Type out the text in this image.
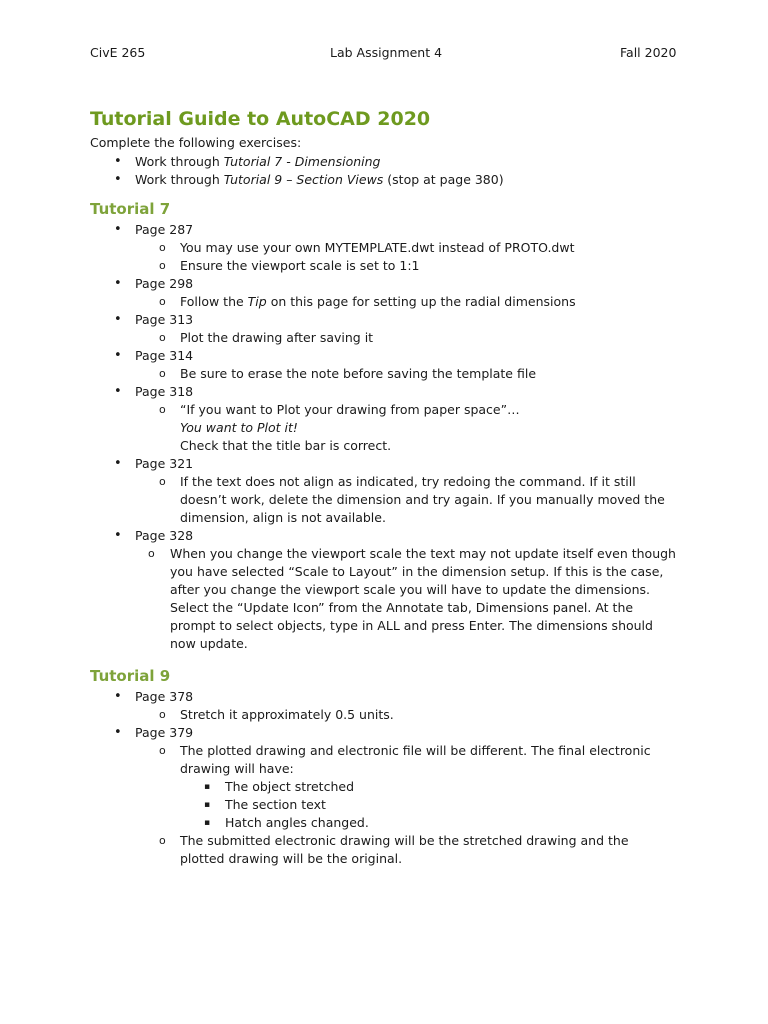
CivE 265	Lab Assignment 4	Fall 2020
Tutorial Guide to AutoCAD 2020
Complete the following exercises:
• Work through Tutorial 7 - Dimensioning
• Work through Tutorial 9 – Section Views (stop at page 380)
Tutorial 7
• Page 287
o You may use your own MYTEMPLATE.dwt instead of PROTO.dwt
o Ensure the viewport scale is set to 1:1
• Page 298
o Follow the Tip on this page for setting up the radial dimensions
• Page 313
o Plot the drawing after saving it
• Page 314
o Be sure to erase the note before saving the template file
• Page 318
o “If you want to Plot your drawing from paper space”…
You want to Plot it!
Check that the title bar is correct.
• Page 321
o If the text does not align as indicated, try redoing the command. If it still
doesn’t work, delete the dimension and try again. If you manually moved the
dimension, align is not available.
• Page 328
o When you change the viewport scale the text may not update itself even though
you have selected “Scale to Layout” in the dimension setup. If this is the case,
after you change the viewport scale you will have to update the dimensions.
Select the “Update Icon” from the Annotate tab, Dimensions panel. At the
prompt to select objects, type in ALL and press Enter. The dimensions should
now update.
Tutorial 9
• Page 378
o Stretch it approximately 0.5 units.
• Page 379
o The plotted drawing and electronic file will be different. The final electronic
drawing will have:
▪ The object stretched
▪ The section text
▪ Hatch angles changed.
o The submitted electronic drawing will be the stretched drawing and the
plotted drawing will be the original.
